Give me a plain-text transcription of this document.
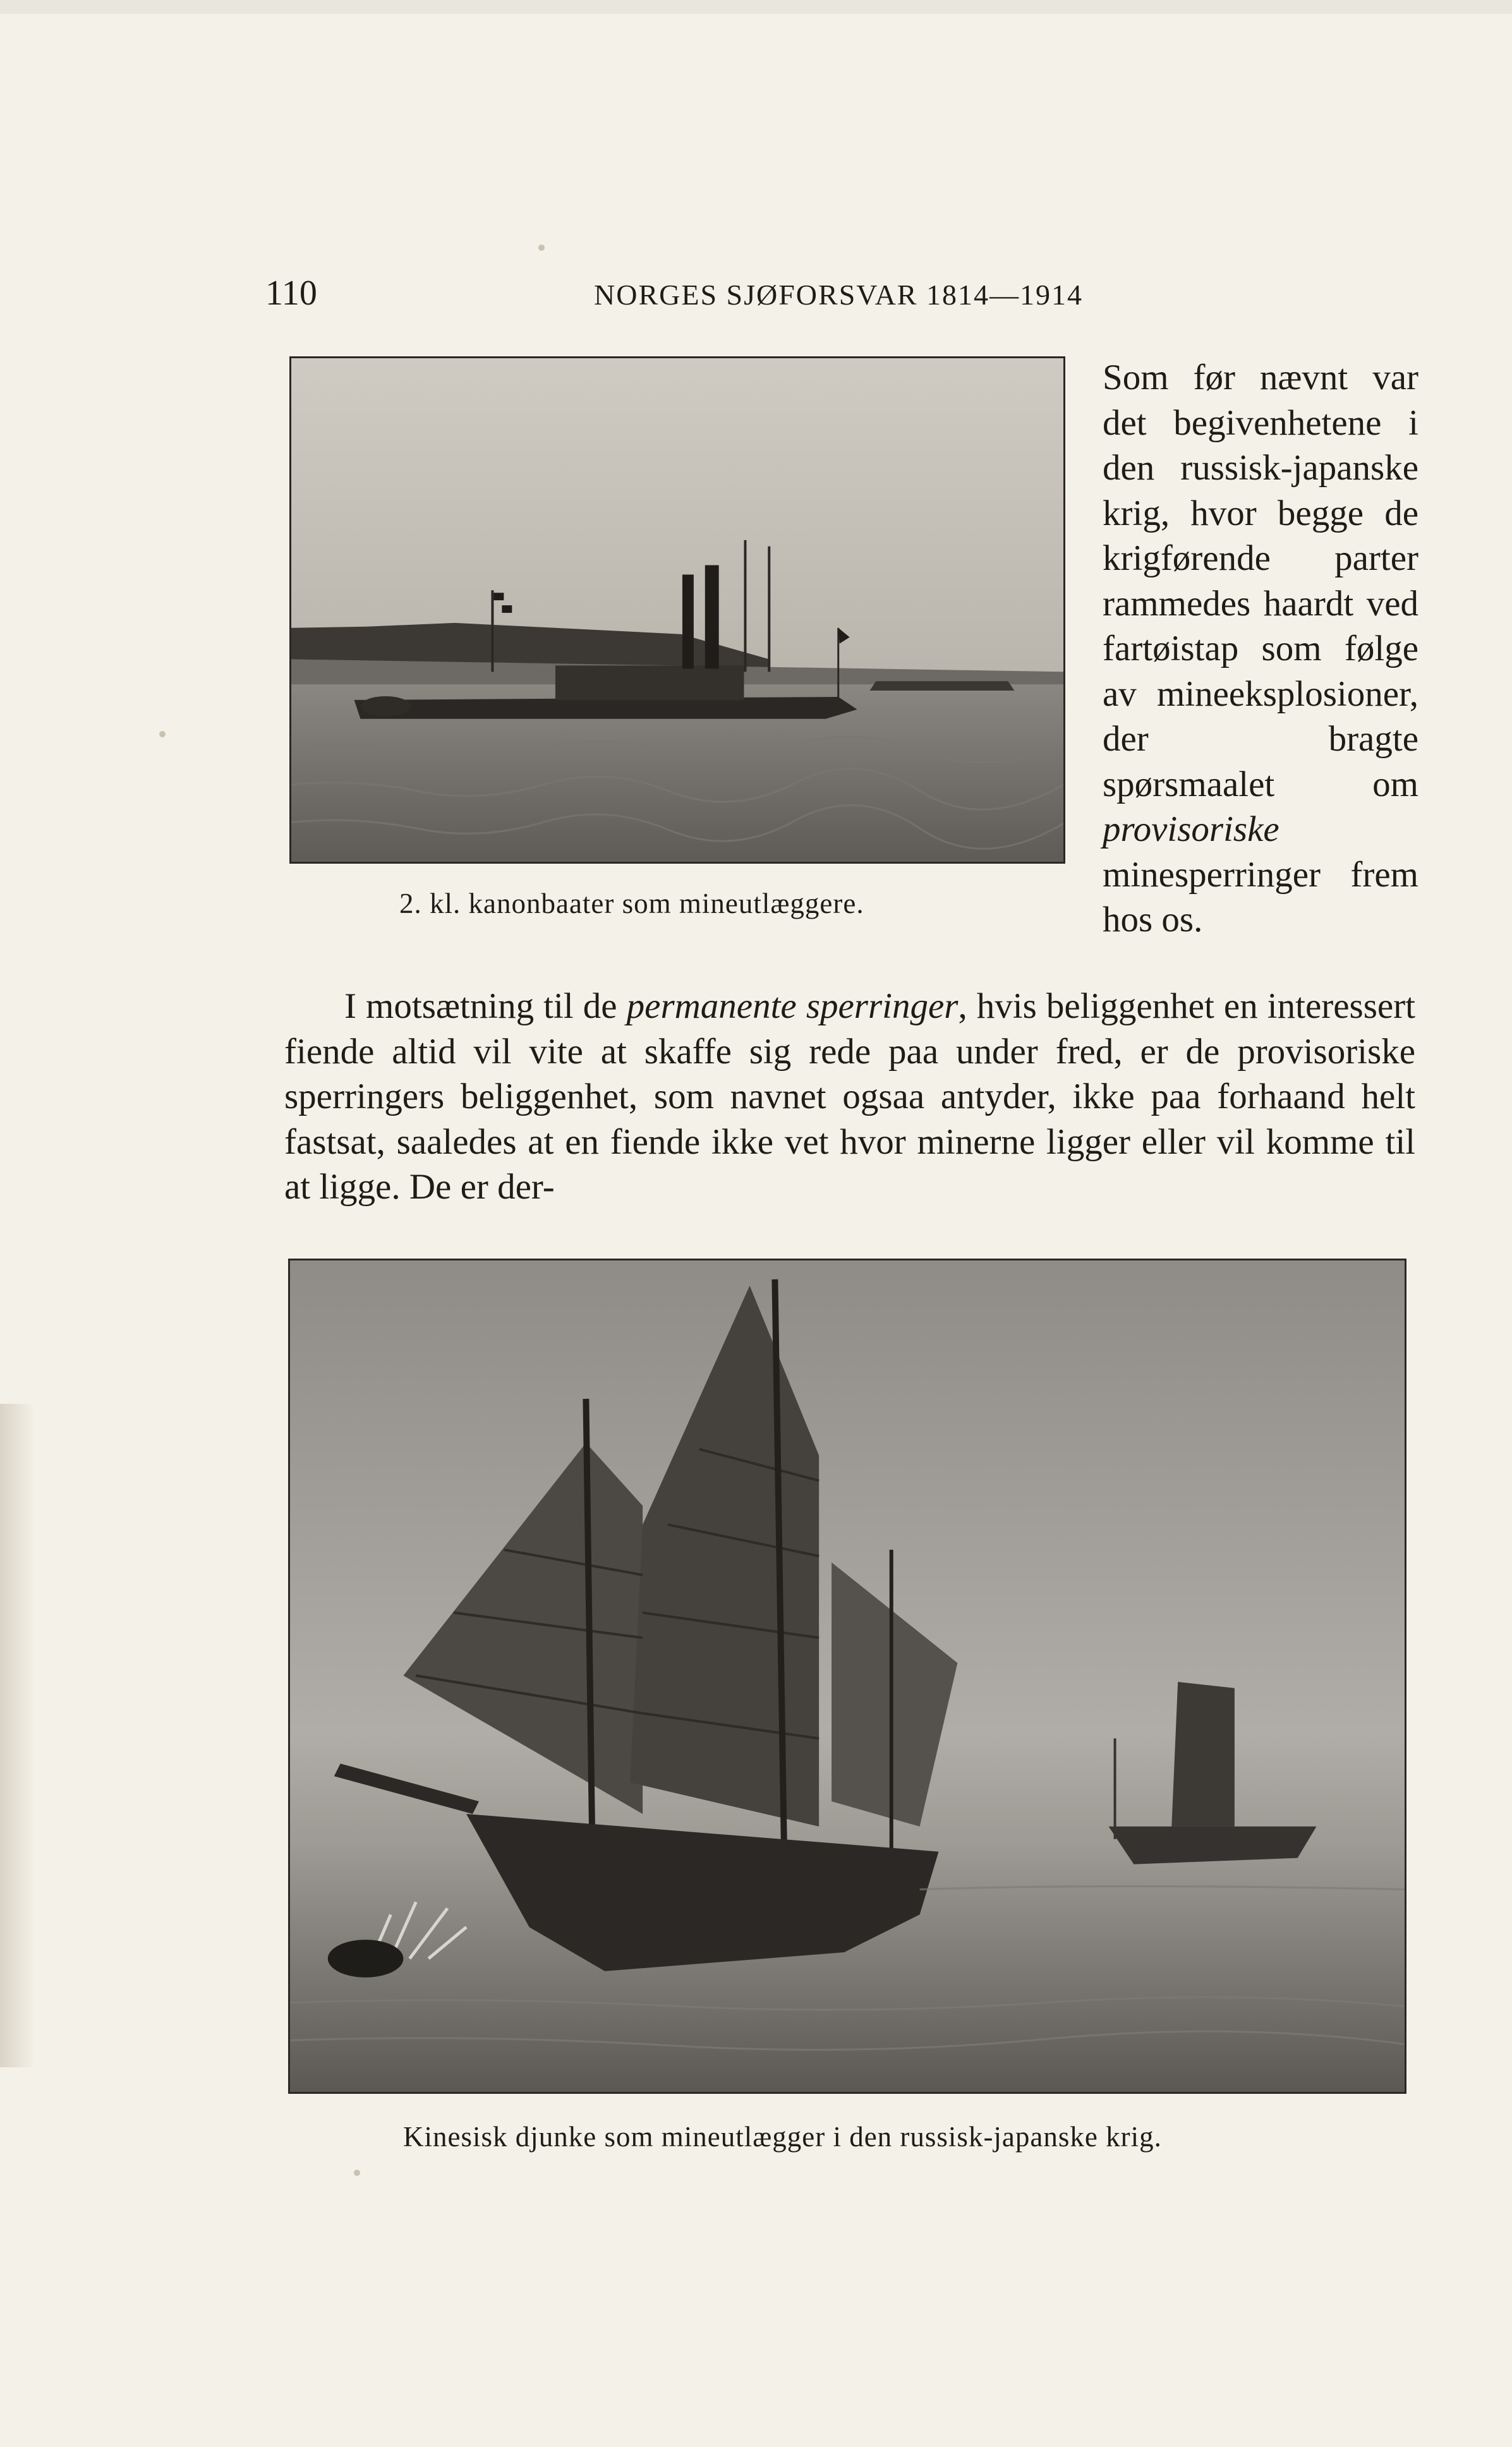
110	NORGES SJØFORSVAR 1814—1914
2. kl. kanonbaater som mineutlæggere.

Som før nævnt var det begivenhetene i den russisk-japanske krig, hvor begge de krigførende parter rammedes haardt ved fartøistap som følge av mineeksplosioner, der bragte spørsmaalet om provisoriske minesperringer frem hos os.

I motsætning til de permanente sperringer, hvis beliggenhet en interessert fiende altid vil vite at skaffe sig rede paa under fred, er de provisoriske sperringers beliggenhet, som navnet ogsaa antyder, ikke paa forhaand helt fastsat, saaledes at en fiende ikke vet hvor minerne ligger eller vil komme til at ligge. De er der-

Kinesisk djunke som mineutlægger i den russisk-japanske krig.
